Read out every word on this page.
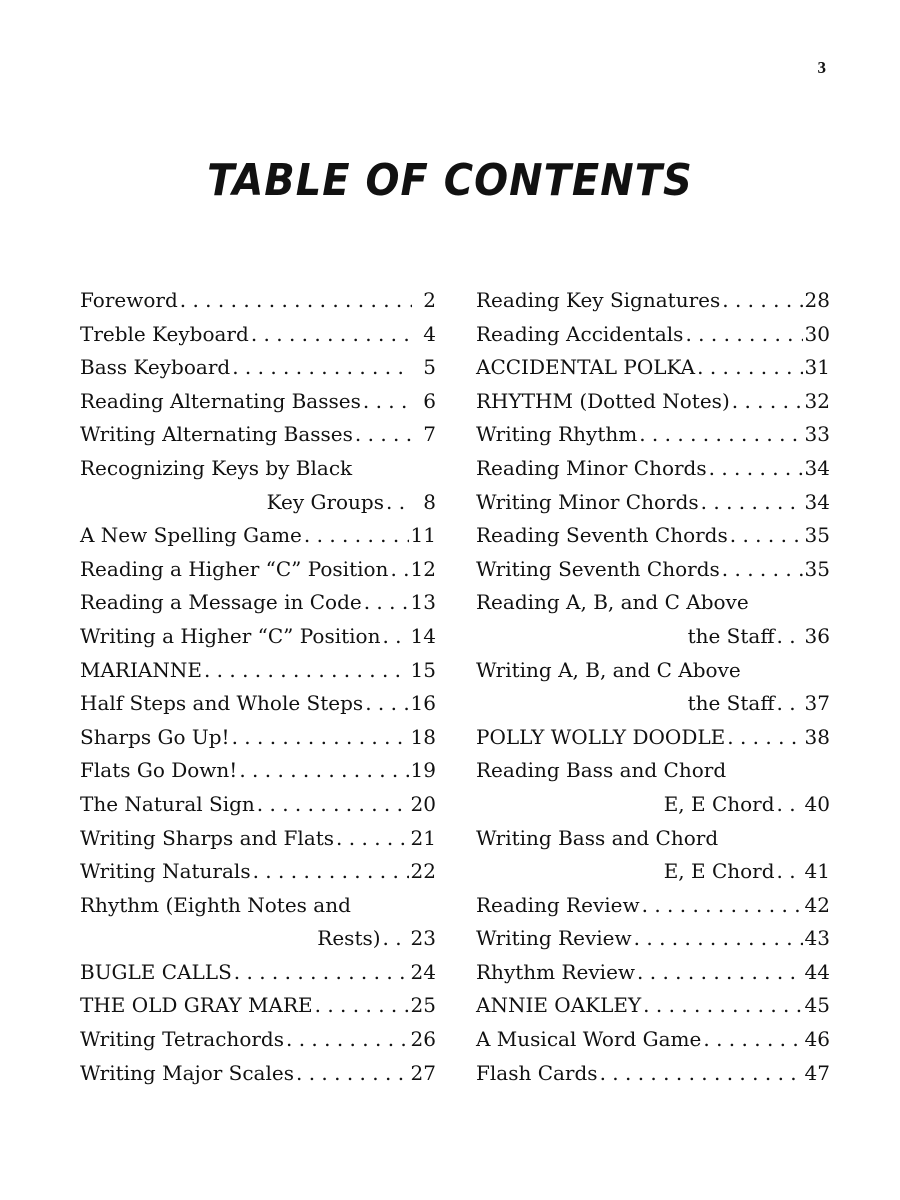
3
TABLE OF CONTENTS
Foreword . . .	2
Treble Keyboard . . .	4
Bass Keyboard . . .	5
Reading Alternating Basses . . .	6
Writing Alternating Basses . . .	7
Recognizing Keys by Black
Key Groups . . .	8
A New Spelling Game . . .	11
Reading a Higher “C” Position . . . 12
Reading a Message in Code . . . 13
Writing a Higher “C” Position . . . 14
MARIANNE . . .	15
Half Steps and Whole Steps . . . 16
Sharps Go Up! . . .	18
Flats Go Down! . . .	19
The Natural Sign . . .	20
Writing Sharps and Flats . . .	21
Writing Naturals . . .	22
Rhythm (Eighth Notes and
Rests) . . . 23
BUGLE CALLS . . .	24
THE OLD GRAY MARE . . .	25
Writing Tetrachords . . .	26
Writing Major Scales . . .	27
Reading Key Signatures . . .	28
Reading Accidentals . . .	30
ACCIDENTAL POLKA . . .	31
RHYTHM (Dotted Notes) . . .	32
Writing Rhythm . . .	33
Reading Minor Chords . . .	34
Writing Minor Chords . . .	34
Reading Seventh Chords . . .	35
Writing Seventh Chords . . .	35
Reading A, B, and C Above
the Staff . . . 36
Writing A, B, and C Above
the Staff . . . 37
POLLY WOLLY DOODLE . . .	38
Reading Bass and Chord
E, E Chord . . . 40
Writing Bass and Chord
E, E Chord . . . 41
Reading Review . . .	42
Writing Review . . .	43
Rhythm Review . . .	44
ANNIE OAKLEY . . .	45
A Musical Word Game . . .	46
Flash Cards . . .	47
